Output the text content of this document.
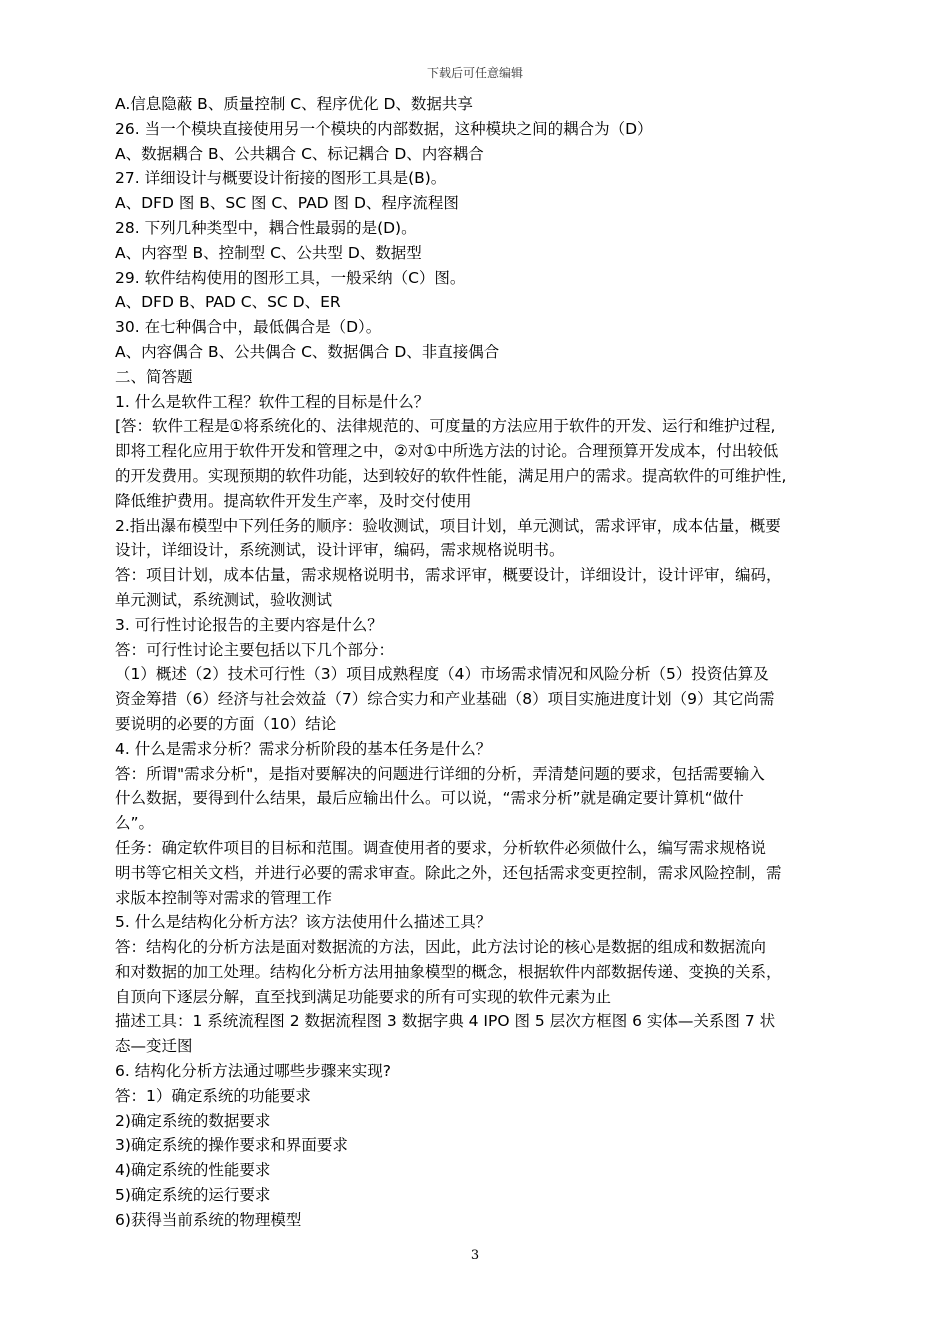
下载后可任意编辑
A.信息隐蔽 B、质量控制 C、程序优化 D、数据共享
26. 当一个模块直接使用另一个模块的内部数据，这种模块之间的耦合为（D）
A、数据耦合 B、公共耦合 C、标记耦合 D、内容耦合
27. 详细设计与概要设计衔接的图形工具是(B)。
A、DFD 图 B、SC 图 C、PAD 图 D、程序流程图
28. 下列几种类型中，耦合性最弱的是(D)。
A、内容型 B、控制型 C、公共型 D、数据型
29. 软件结构使用的图形工具，一般采纳（C）图。
A、DFD B、PAD C、SC D、ER
30. 在七种偶合中，最低偶合是（D）。
A、内容偶合 B、公共偶合 C、数据偶合 D、非直接偶合
二、简答题
1. 什么是软件工程？软件工程的目标是什么？
[答：软件工程是①将系统化的、法律规范的、可度量的方法应用于软件的开发、运行和维护过程,
即将工程化应用于软件开发和管理之中，②对①中所选方法的讨论。合理预算开发成本，付出较低
的开发费用。实现预期的软件功能，达到较好的软件性能，满足用户的需求。提高软件的可维护性,
降低维护费用。提高软件开发生产率，及时交付使用
2.指出瀑布模型中下列任务的顺序：验收测试，项目计划，单元测试，需求评审，成本估量，概要
设计，详细设计，系统测试，设计评审，编码，需求规格说明书。
答：项目计划，成本估量，需求规格说明书，需求评审，概要设计，详细设计，设计评审，编码，
单元测试，系统测试，验收测试
3. 可行性讨论报告的主要内容是什么？
答：可行性讨论主要包括以下几个部分：
（1）概述（2）技术可行性（3）项目成熟程度（4）市场需求情况和风险分析（5）投资估算及
资金筹措（6）经济与社会效益（7）综合实力和产业基础（8）项目实施进度计划（9）其它尚需
要说明的必要的方面（10）结论
4. 什么是需求分析？需求分析阶段的基本任务是什么？
答：所谓"需求分析"，是指对要解决的问题进行详细的分析，弄清楚问题的要求，包括需要输入
什么数据，要得到什么结果，最后应输出什么。可以说，“需求分析”就是确定要计算机“做什
么”。
任务：确定软件项目的目标和范围。调查使用者的要求，分析软件必须做什么，编写需求规格说
明书等它相关文档，并进行必要的需求审查。除此之外，还包括需求变更控制，需求风险控制，需
求版本控制等对需求的管理工作
5. 什么是结构化分析方法？该方法使用什么描述工具？
答：结构化的分析方法是面对数据流的方法，因此，此方法讨论的核心是数据的组成和数据流向
和对数据的加工处理。结构化分析方法用抽象模型的概念，根据软件内部数据传递、变换的关系，
自顶向下逐层分解，直至找到满足功能要求的所有可实现的软件元素为止
描述工具：1 系统流程图 2 数据流程图 3 数据字典 4 IPO 图 5 层次方框图 6 实体—关系图 7 状
态—变迁图
6. 结构化分析方法通过哪些步骤来实现?
答：1）确定系统的功能要求
2)确定系统的数据要求
3)确定系统的操作要求和界面要求
4)确定系统的性能要求
5)确定系统的运行要求
6)获得当前系统的物理模型
3
